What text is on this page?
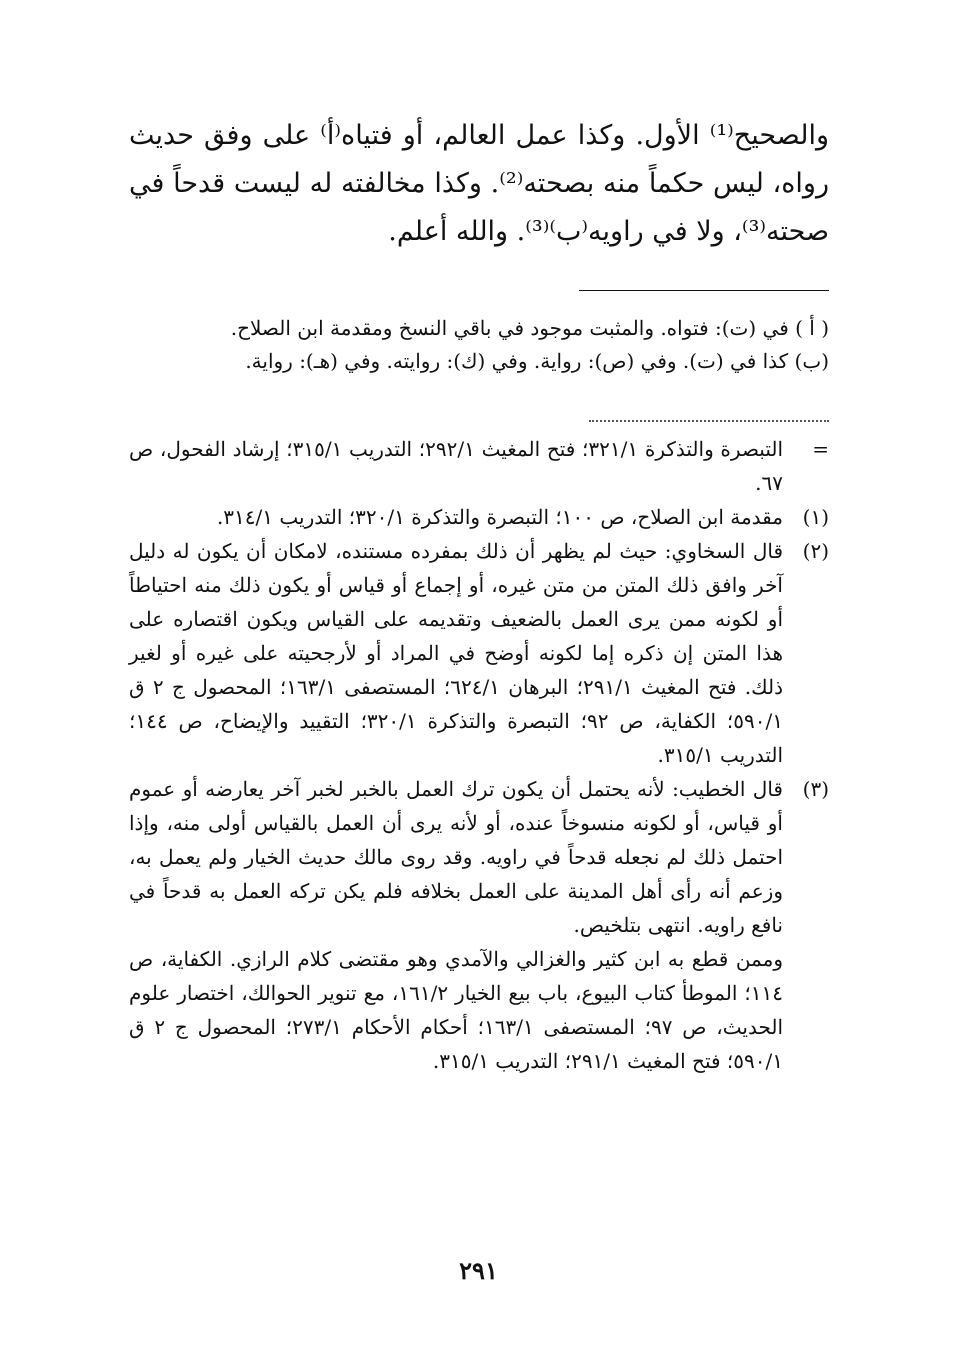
والصحيح⁽¹⁾ الأول. وكذا عمل العالم، أو فتياه⁽أ⁾ على وفق حديث رواه، ليس حكماً منه بصحته⁽²⁾. وكذا مخالفته له ليست قدحاً في صحته⁽³⁾، ولا في راويه⁽ب⁾⁽³⁾. والله أعلم.

( أ ) في (ت): فتواه. والمثبت موجود في باقي النسخ ومقدمة ابن الصلاح.
(ب) كذا في (ت). وفي (ص): رواية. وفي (ك): روايته. وفي (هـ): رواية.
=

التبصرة والتذكرة ٣٢١/١؛ فتح المغيث ٢٩٢/١؛ التدريب ٣١٥/١؛ إرشاد الفحول، ص ٦٧.

(١)

مقدمة ابن الصلاح، ص ١٠٠؛ التبصرة والتذكرة ٣٢٠/١؛ التدريب ٣١٤/١.

(٢)

قال السخاوي: حيث لم يظهر أن ذلك بمفرده مستنده، لامكان أن يكون له دليل آخر وافق ذلك المتن من متن غيره، أو إجماع أو قياس أو يكون ذلك منه احتياطاً أو لكونه ممن يرى العمل بالضعيف وتقديمه على القياس ويكون اقتصاره على هذا المتن إن ذكره إما لكونه أوضح في المراد أو لأرجحيته على غيره أو لغير ذلك. فتح المغيث ٢٩١/١؛ البرهان ٦٢٤/١؛ المستصفى ١٦٣/١؛ المحصول ج ٢ ق ٥٩٠/١؛ الكفاية، ص ٩٢؛ التبصرة والتذكرة ٣٢٠/١؛ التقييد والإيضاح، ص ١٤٤؛ التدريب ٣١٥/١.

(٣)

قال الخطيب: لأنه يحتمل أن يكون ترك العمل بالخبر لخبر آخر يعارضه أو عموم أو قياس، أو لكونه منسوخاً عنده، أو لأنه يرى أن العمل بالقياس أولى منه، وإذا احتمل ذلك لم نجعله قدحاً في راويه. وقد روى مالك حديث الخيار ولم يعمل به، وزعم أنه رأى أهل المدينة على العمل بخلافه فلم يكن تركه العمل به قدحاً في نافع راويه. انتهى بتلخيص.

وممن قطع به ابن كثير والغزالي والآمدي وهو مقتضى كلام الرازي. الكفاية، ص ١١٤؛ الموطأ كتاب البيوع، باب بيع الخيار ١٦١/٢، مع تنوير الحوالك، اختصار علوم الحديث، ص ٩٧؛ المستصفى ١٦٣/١؛ أحكام الأحكام ٢٧٣/١؛ المحصول ج ٢ ق ٥٩٠/١؛ فتح المغيث ٢٩١/١؛ التدريب ٣١٥/١.

٢٩١
